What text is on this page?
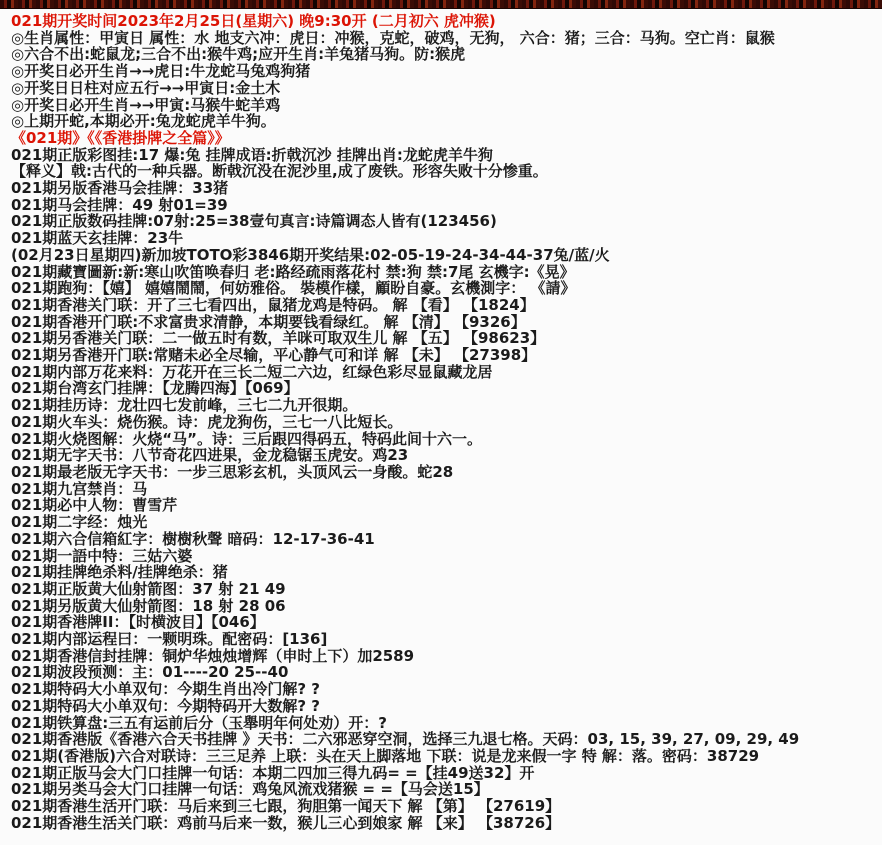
021期开奖时间2023年2月25日(星期六) 晚9:30开 (二月初六 虎冲猴)
◎生肖属性：甲寅日 属性：水 地支六冲：虎日：冲猴，克蛇，破鸡，无狗， 六合：猪；三合：马狗。空亡肖：鼠猴
◎六合不出:蛇鼠龙;三合不出:猴牛鸡;应开生肖:羊兔猪马狗。防:猴虎
◎开奖日必开生肖→→虎日:牛龙蛇马兔鸡狗猪
◎开奖日日柱对应五行→→甲寅日:金土木
◎开奖日必开生肖→→甲寅:马猴牛蛇羊鸡
◎上期开蛇,本期必开:兔龙蛇虎羊牛狗。
《021期》《《香港掛牌之全篇》》
021期正版彩图挂:17 爆:兔 挂牌成语:折戟沉沙 挂牌出肖:龙蛇虎羊牛狗
【释义】戟:古代的一种兵器。断戟沉没在泥沙里,成了废铁。形容失败十分惨重。
021期另版香港马会挂牌：33猪
021期马会挂牌：49 射01=39
021期正版数码挂牌:07射:25=38壹句真言:诗篇调态人皆有(123456)
021期蓝天玄挂牌：23牛
(02月23日星期四)新加坡TOTO彩3846期开奖结果:02-05-19-24-34-44-37兔/蓝/火
021期藏寶圖新:新:寒山吹笛唤春归 老:路经疏雨落花村 禁:狗 禁:7尾 玄機字:《晃》
021期跑狗：【嬉】 嬉嬉鬧鬧，何妨雅俗。 裝模作樣，顧盼自豪。玄機測字： 《請》
021期香港关门联：开了三七看四出，鼠猪龙鸡是特码。 解 【看】 【1824】
021期香港开门联:不求富贵求清静，本期要钱看绿红。 解 【清】 【9326】
021期另香港关门联：二一做五时有数，羊咪可取双生儿 解 【五】 【98623】
021期另香港开门联:常赌未必全尽输，平心静气可和详 解 【未】 【27398】
021期内部万花来料：万花开在三长二短二六边，红绿色彩尽显鼠藏龙居
021期台湾玄门挂牌：【龙腾四海】【069】
021期挂历诗：龙壮四七发前峰，三七二九开很期。
021期火车头：烧伤猴。诗：虎龙狗伤，三七一八比短长。
021期火烧图解：火烧“马”。诗：三后跟四得码五，特码此间十六一。
021期无字天书：八节奇花四进果，金龙稳锯玉虎安。鸡23
021期最老版无字天书：一步三思彩玄机，头顶风云一身酸。蛇28
021期九宫禁肖：马
021期必中人物：曹雪芹
021期二字经：烛光
021期六合信箱紅字：樹樹秋聲 暗码：12-17-36-41
021期一語中特：三姑六婆
021期挂牌绝杀料/挂牌绝杀：猪
021期正版黄大仙射箭图：37 射 21 49
021期另版黄大仙射箭图：18 射 28 06
021期香港牌II：【时横波目】【046】
021期内部运程曰：一颗明珠。配密码：[136]
021期香港信封挂牌：铜炉华烛烛增辉（申时上下）加2589
021期波段预测：主：01----20 25--40
021期特码大小单双句：今期生肖出冷门解? ?
021期特码大小单双句：今期特码开大数解? ?
021期铁算盘:三五有运前后分（玉舉明年何处劝）开：?
021期香港版《香港六合天书挂牌 》天书：二六邪恶穿空洞，选择三九退七格。天码：03, 15, 39, 27, 09, 29, 49
021期(香港版)六合对联诗：三三足养 上联：头在天上脚落地 下联：说是龙来假一字 特 解：落。密码：38729
021期正版马会大门口挂牌一句话：本期二四加三得九码= =【挂49送32】开
021期另类马会大门口挂牌一句话：鸡兔风流戏猪猴 = =【马会送15】
021期香港生活开门联：马后来到三七跟，狗胆第一闻天下 解 【第】 【27619】
021期香港生活关门联：鸡前马后来一数，猴儿三心到娘家 解 【来】 【38726】
